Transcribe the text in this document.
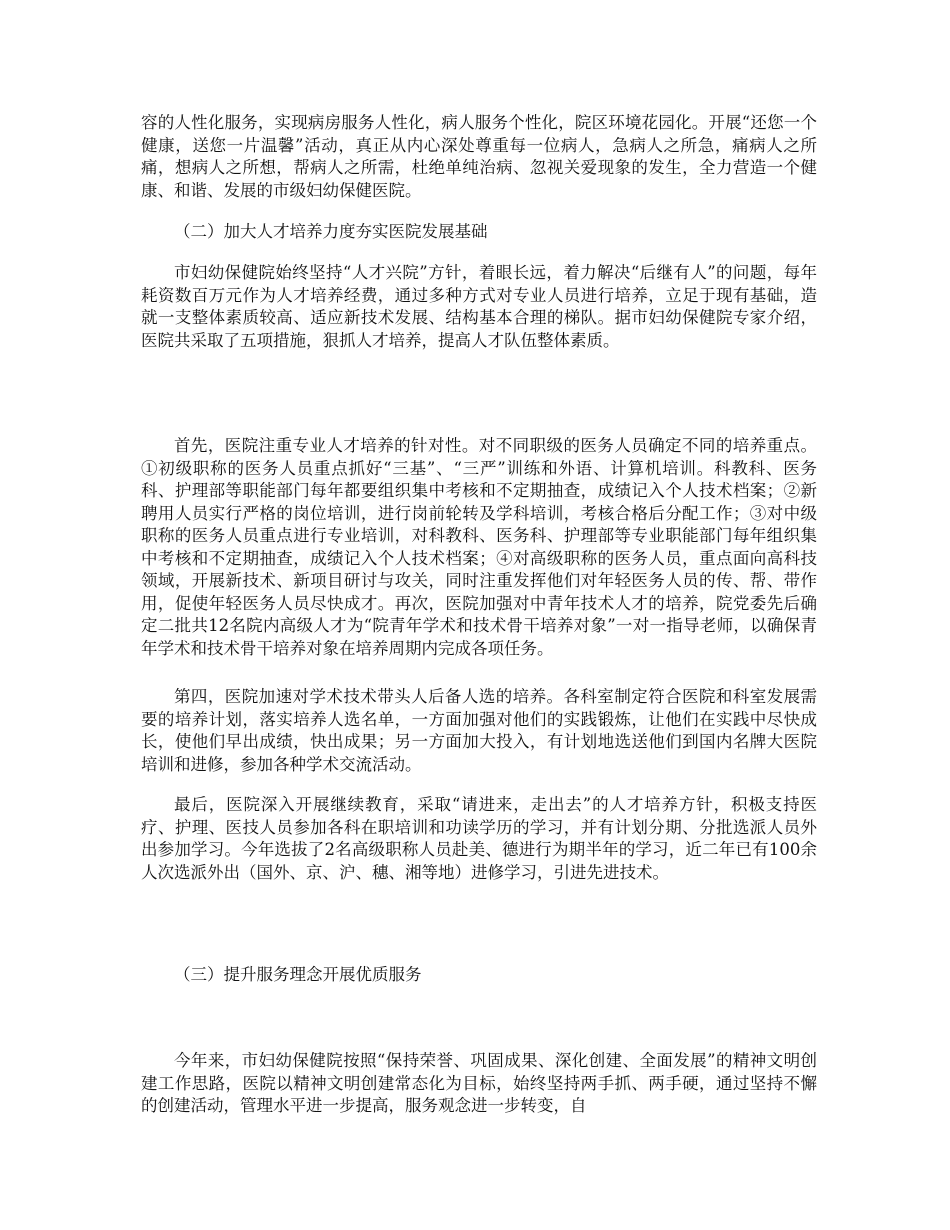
容的人性化服务，实现病房服务人性化，病人服务个性化，院区环境花园化。开展“还您一个健康，送您一片温馨”活动，真正从内心深处尊重每一位病人，急病人之所急，痛病人之所痛，想病人之所想，帮病人之所需，杜绝单纯治病、忽视关爱现象的发生，全力营造一个健康、和谐、发展的市级妇幼保健医院。

（二）加大人才培养力度夯实医院发展基础

市妇幼保健院始终坚持“人才兴院”方针，着眼长远，着力解决“后继有人”的问题，每年耗资数百万元作为人才培养经费，通过多种方式对专业人员进行培养，立足于现有基础，造就一支整体素质较高、适应新技术发展、结构基本合理的梯队。据市妇幼保健院专家介绍，医院共采取了五项措施，狠抓人才培养，提高人才队伍整体素质。

首先，医院注重专业人才培养的针对性。对不同职级的医务人员确定不同的培养重点。①初级职称的医务人员重点抓好“三基”、“三严”训练和外语、计算机培训。科教科、医务科、护理部等职能部门每年都要组织集中考核和不定期抽查，成绩记入个人技术档案；②新聘用人员实行严格的岗位培训，进行岗前轮转及学科培训，考核合格后分配工作；③对中级职称的医务人员重点进行专业培训，对科教科、医务科、护理部等专业职能部门每年组织集中考核和不定期抽查，成绩记入个人技术档案；④对高级职称的医务人员，重点面向高科技领域，开展新技术、新项目研讨与攻关，同时注重发挥他们对年轻医务人员的传、帮、带作用，促使年轻医务人员尽快成才。再次，医院加强对中青年技术人才的培养，院党委先后确定二批共12名院内高级人才为“院青年学术和技术骨干培养对象”一对一指导老师，以确保青年学术和技术骨干培养对象在培养周期内完成各项任务。

第四，医院加速对学术技术带头人后备人选的培养。各科室制定符合医院和科室发展需要的培养计划，落实培养人选名单，一方面加强对他们的实践锻炼，让他们在实践中尽快成长，使他们早出成绩，快出成果；另一方面加大投入，有计划地选送他们到国内名牌大医院培训和进修，参加各种学术交流活动。

最后，医院深入开展继续教育，采取“请进来，走出去”的人才培养方针，积极支持医疗、护理、医技人员参加各科在职培训和功读学历的学习，并有计划分期、分批选派人员外出参加学习。今年选拔了2名高级职称人员赴美、德进行为期半年的学习，近二年已有100余人次选派外出（国外、京、沪、穗、湘等地）进修学习，引进先进技术。

（三）提升服务理念开展优质服务

今年来，市妇幼保健院按照“保持荣誉、巩固成果、深化创建、全面发展”的精神文明创建工作思路，医院以精神文明创建常态化为目标，始终坚持两手抓、两手硬，通过坚持不懈的创建活动，管理水平进一步提高，服务观念进一步转变，自
